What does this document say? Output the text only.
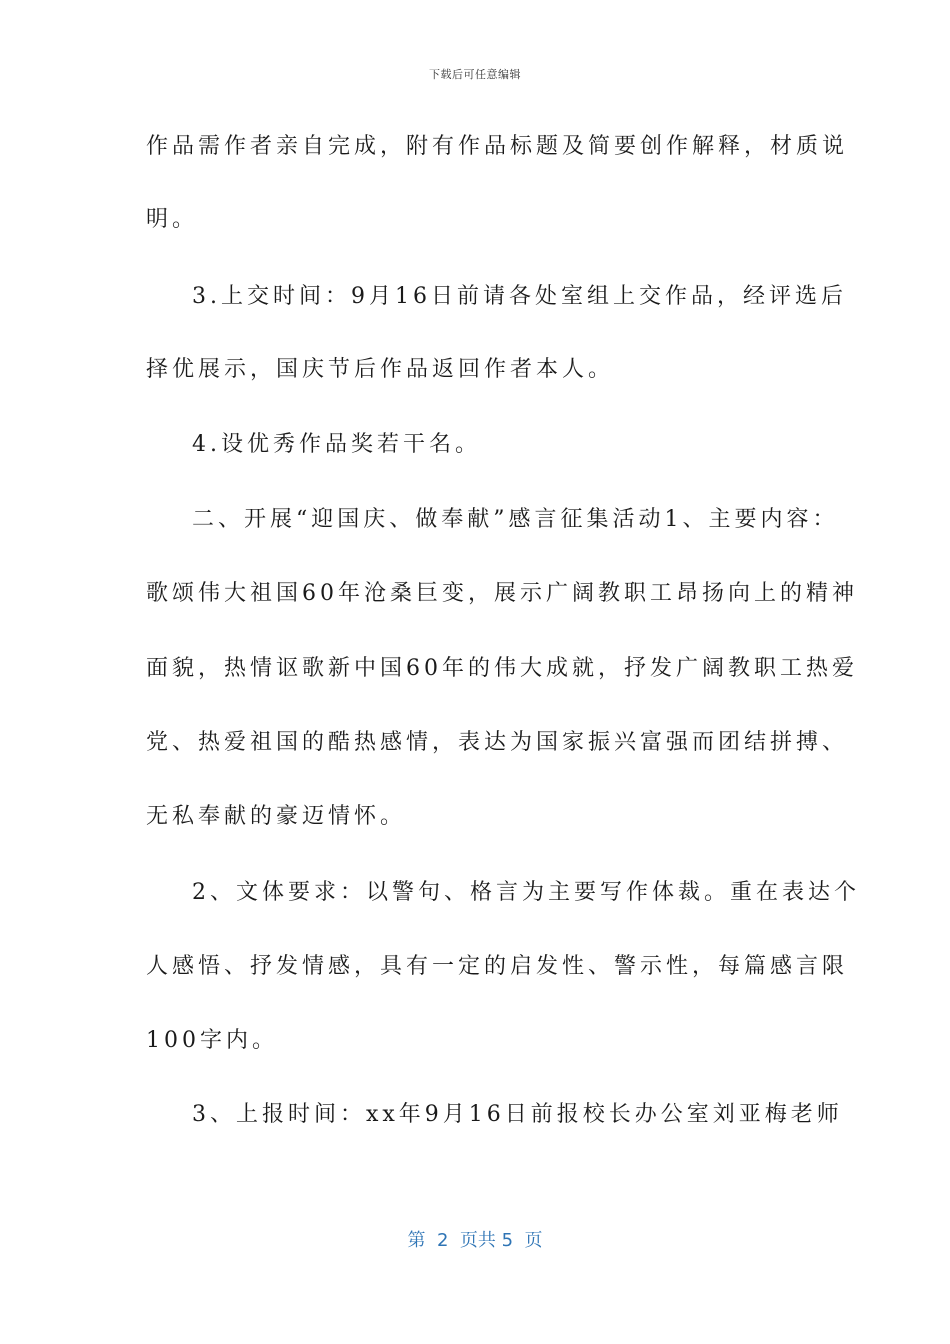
下载后可任意编辑
作品需作者亲自完成，附有作品标题及简要创作解释，材质说
明。
3.上交时间：9月16日前请各处室组上交作品，经评选后
择优展示，国庆节后作品返回作者本人。
4.设优秀作品奖若干名。
二、开展“迎国庆、做奉献”感言征集活动1、主要内容：
歌颂伟大祖国60年沧桑巨变，展示广阔教职工昂扬向上的精神
面貌，热情讴歌新中国60年的伟大成就，抒发广阔教职工热爱
党、热爱祖国的酷热感情，表达为国家振兴富强而团结拼搏、
无私奉献的豪迈情怀。
2、文体要求：以警句、格言为主要写作体裁。重在表达个
人感悟、抒发情感，具有一定的启发性、警示性，每篇感言限
100字内。
3、上报时间：xx年9月16日前报校长办公室刘亚梅老师
第  2  页共 5  页
